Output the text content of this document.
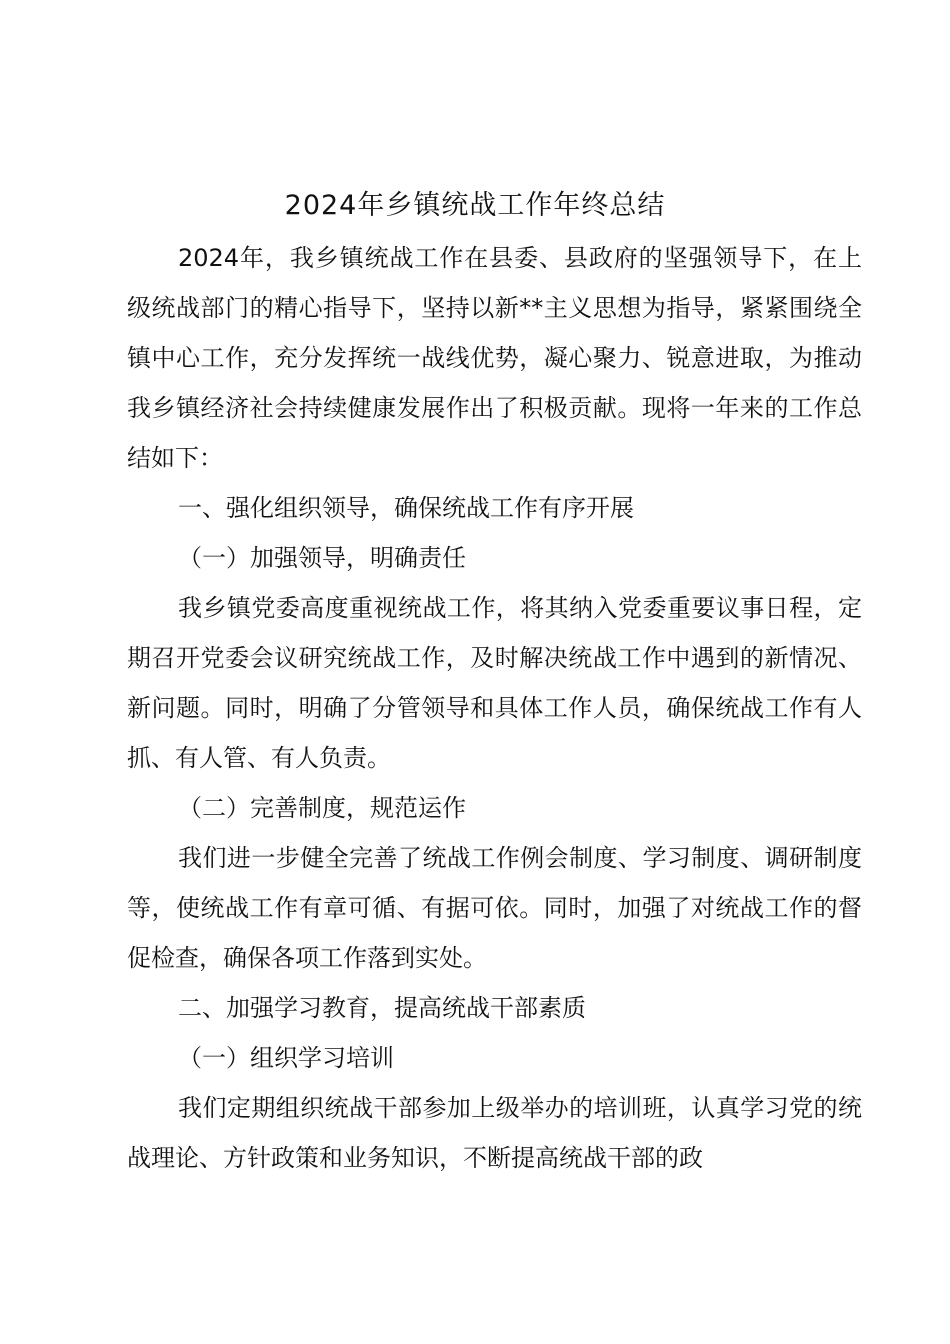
2024年乡镇统战工作年终总结

2024年，我乡镇统战工作在县委、县政府的坚强领导下，在上级统战部门的精心指导下，坚持以新**主义思想为指导，紧紧围绕全镇中心工作，充分发挥统一战线优势，凝心聚力、锐意进取，为推动我乡镇经济社会持续健康发展作出了积极贡献。现将一年来的工作总结如下：

一、强化组织领导，确保统战工作有序开展

（一）加强领导，明确责任

我乡镇党委高度重视统战工作，将其纳入党委重要议事日程，定期召开党委会议研究统战工作，及时解决统战工作中遇到的新情况、新问题。同时，明确了分管领导和具体工作人员，确保统战工作有人抓、有人管、有人负责。

（二）完善制度，规范运作

我们进一步健全完善了统战工作例会制度、学习制度、调研制度等，使统战工作有章可循、有据可依。同时，加强了对统战工作的督促检查，确保各项工作落到实处。

二、加强学习教育，提高统战干部素质

（一）组织学习培训

我们定期组织统战干部参加上级举办的培训班，认真学习党的统战理论、方针政策和业务知识，不断提高统战干部的政
